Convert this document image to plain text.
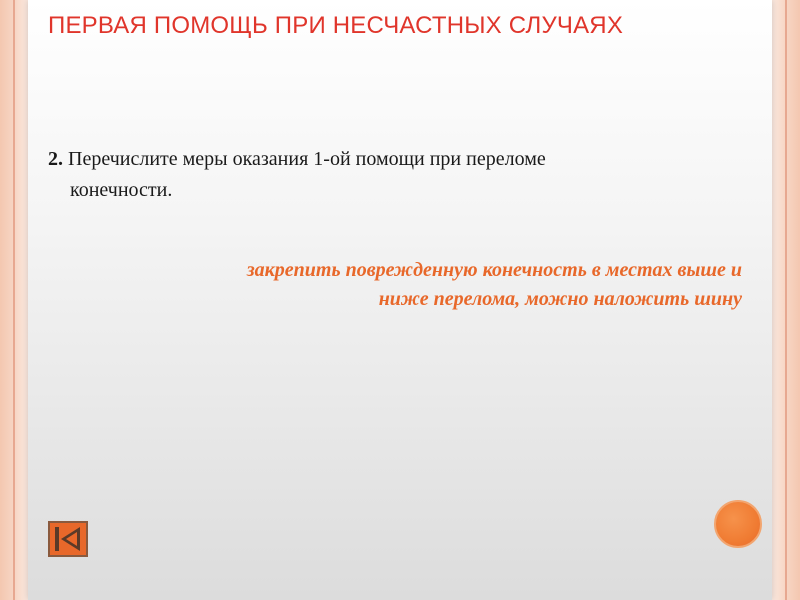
ПЕРВАЯ ПОМОЩЬ ПРИ НЕСЧАСТНЫХ СЛУЧАЯХ
2. Перечислите меры оказания 1-ой помощи при переломе
конечности.
закрепить поврежденную конечность в местах выше и
ниже перелома, можно наложить шину
